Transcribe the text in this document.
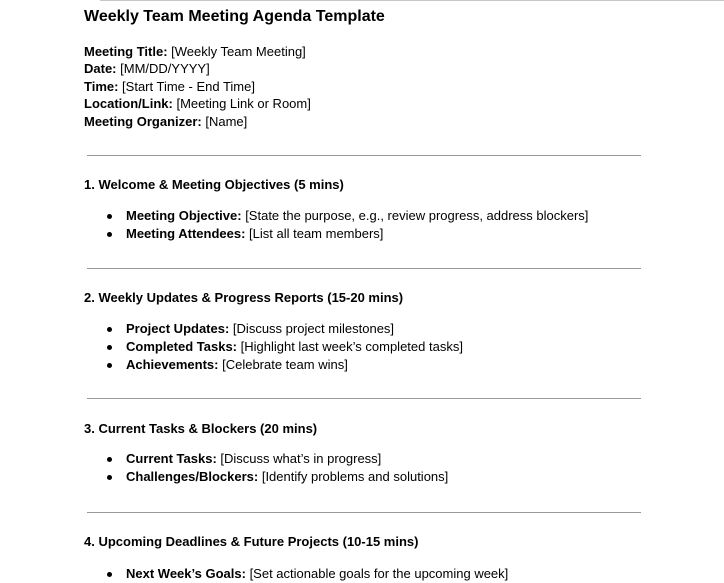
Weekly Team Meeting Agenda Template
Meeting Title: [Weekly Team Meeting]
Date: [MM/DD/YYYY]
Time: [Start Time - End Time]
Location/Link: [Meeting Link or Room]
Meeting Organizer: [Name]
1. Welcome & Meeting Objectives (5 mins)
Meeting Objective: [State the purpose, e.g., review progress, address blockers]
Meeting Attendees: [List all team members]
2. Weekly Updates & Progress Reports (15-20 mins)
Project Updates: [Discuss project milestones]
Completed Tasks: [Highlight last week’s completed tasks]
Achievements: [Celebrate team wins]
3. Current Tasks & Blockers (20 mins)
Current Tasks: [Discuss what’s in progress]
Challenges/Blockers: [Identify problems and solutions]
4. Upcoming Deadlines & Future Projects (10-15 mins)
Next Week’s Goals: [Set actionable goals for the upcoming week]
